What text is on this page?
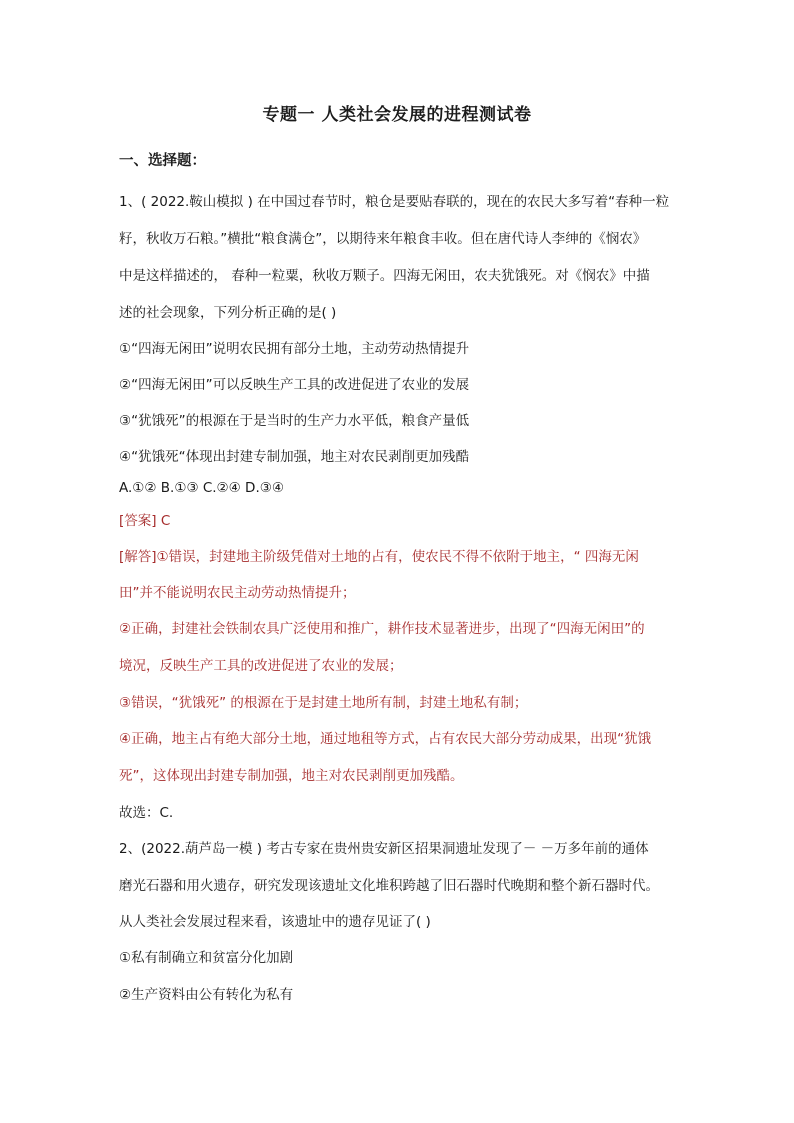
专题一 人类社会发展的进程测试卷
一、选择题：
1、( 2022.鞍山模拟 ) 在中国过春节时，粮仓是要贴春联的，现在的农民大多写着“春种一粒
籽，秋收万石粮。”横批“粮食满仓”，以期待来年粮食丰收。但在唐代诗人李绅的《悯农》
中是这样描述的， 春种一粒粟，秋收万颗子。四海无闲田，农夫犹饿死。对《悯农》中描
述的社会现象，下列分析正确的是( )
①“四海无闲田”说明农民拥有部分土地，主动劳动热情提升
②“四海无闲田”可以反映生产工具的改进促进了农业的发展
③“犹饿死”的根源在于是当时的生产力水平低，粮食产量低
④“犹饿死“体现出封建专制加强，地主对农民剥削更加残酷
A.①② B.①③ C.②④ D.③④
[答案] C
[解答]①错误，封建地主阶级凭借对土地的占有，使农民不得不依附于地主，“ 四海无闲
田”并不能说明农民主动劳动热情提升；
②正确，封建社会铁制农具广泛使用和推广，耕作技术显著进步，出现了“四海无闲田”的
境况，反映生产工具的改进促进了农业的发展；
③错误，“犹饿死” 的根源在于是封建土地所有制，封建土地私有制；
④正确，地主占有绝大部分土地，通过地租等方式，占有农民大部分劳动成果，出现“犹饿
死”，这体现出封建专制加强，地主对农民剥削更加残酷。
故选：C.
2、(2022.葫芦岛一模 ) 考古专家在贵州贵安新区招果洞遗址发现了－ －万多年前的通体
磨光石器和用火遗存，研究发现该遗址文化堆积跨越了旧石器时代晚期和整个新石器时代。
从人类社会发展过程来看，该遗址中的遗存见证了( )
①私有制确立和贫富分化加剧
②生产资料由公有转化为私有
